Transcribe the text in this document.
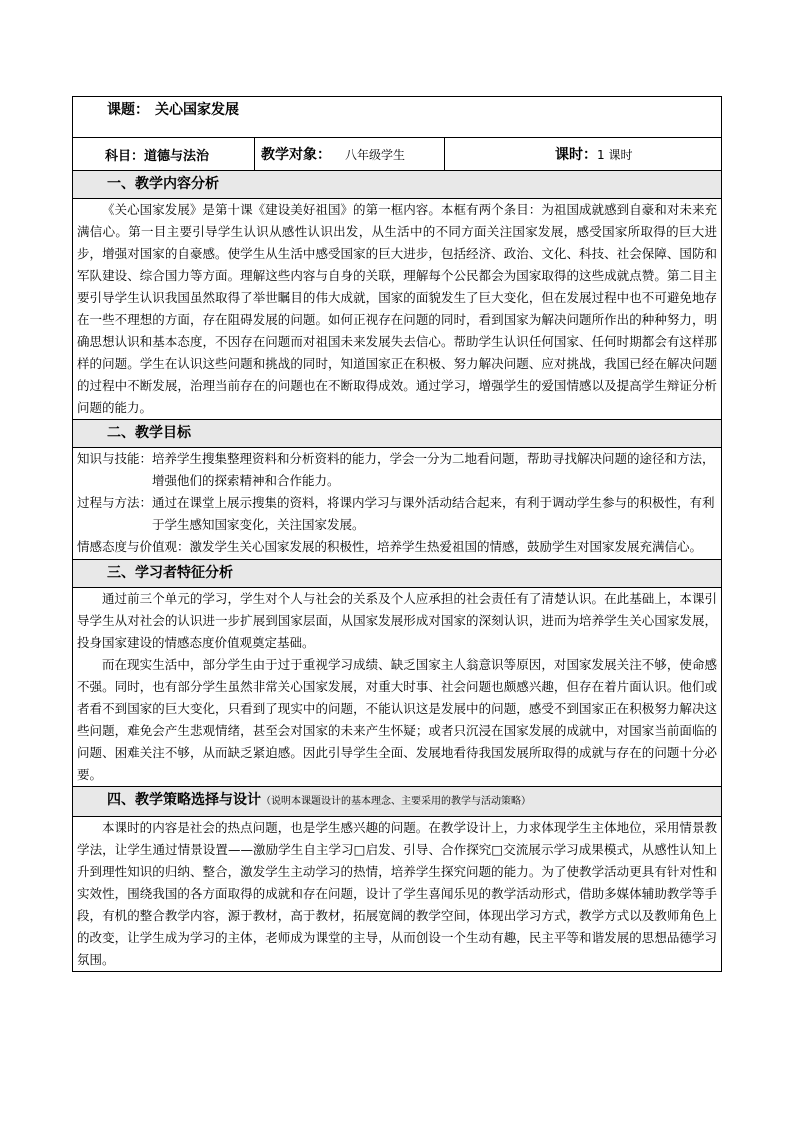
课题： 关心国家发展
科目：道德与法治	教学对象： 八年级学生	课时：1 课时
一、教学内容分析

《关心国家发展》是第十课《建设美好祖国》的第一框内容。本框有两个条目：为祖国成就感到自豪和对未来充满信心。第一目主要引导学生认识从感性认识出发，从生活中的不同方面关注国家发展，感受国家所取得的巨大进步，增强对国家的自豪感。使学生从生活中感受国家的巨大进步，包括经济、政治、文化、科技、社会保障、国防和军队建设、综合国力等方面。理解这些内容与自身的关联，理解每个公民都会为国家取得的这些成就点赞。第二目主要引导学生认识我国虽然取得了举世瞩目的伟大成就，国家的面貌发生了巨大变化，但在发展过程中也不可避免地存在一些不理想的方面，存在阻碍发展的问题。如何正视存在问题的同时，看到国家为解决问题所作出的种种努力，明确思想认识和基本态度，不因存在问题而对祖国未来发展失去信心。帮助学生认识任何国家、任何时期都会有这样那样的问题。学生在认识这些问题和挑战的同时，知道国家正在积极、努力解决问题、应对挑战，我国已经在解决问题的过程中不断发展，治理当前存在的问题也在不断取得成效。通过学习，增强学生的爱国情感以及提高学生辩证分析问题的能力。

二、教学目标

知识与技能： 培养学生搜集整理资料和分析资料的能力，学会一分为二地看问题，帮助寻找解决问题的途径和方法，增强他们的探索精神和合作能力。
过程与方法： 通过在课堂上展示搜集的资料，将课内学习与课外活动结合起来，有利于调动学生参与的积极性，有利于学生感知国家变化，关注国家发展。
情感态度与价值观： 激发学生关心国家发展的积极性，培养学生热爱祖国的情感，鼓励学生对国家发展充满信心。

三、学习者特征分析

通过前三个单元的学习，学生对个人与社会的关系及个人应承担的社会责任有了清楚认识。在此基础上，本课引导学生从对社会的认识进一步扩展到国家层面，从国家发展形成对国家的深刻认识，进而为培养学生关心国家发展，投身国家建设的情感态度价值观奠定基础。

而在现实生活中，部分学生由于过于重视学习成绩、缺乏国家主人翁意识等原因，对国家发展关注不够，使命感不强。同时，也有部分学生虽然非常关心国家发展，对重大时事、社会问题也颇感兴趣，但存在着片面认识。他们或者看不到国家的巨大变化，只看到了现实中的问题，不能认识这是发展中的问题，感受不到国家正在积极努力解决这些问题，难免会产生悲观情绪，甚至会对国家的未来产生怀疑；或者只沉浸在国家发展的成就中，对国家当前面临的问题、困难关注不够，从而缺乏紧迫感。因此引导学生全面、发展地看待我国发展所取得的成就与存在的问题十分必要。

四、教学策略选择与设计（说明本课题设计的基本理念、主要采用的教学与活动策略）

本课时的内容是社会的热点问题，也是学生感兴趣的问题。在教学设计上，力求体现学生主体地位，采用情景教学法，让学生通过情景设置——激励学生自主学习□启发、引导、合作探究□交流展示学习成果模式，从感性认知上升到理性知识的归纳、整合，激发学生主动学习的热情，培养学生探究问题的能力。为了使教学活动更具有针对性和实效性，围绕我国的各方面取得的成就和存在问题，设计了学生喜闻乐见的教学活动形式，借助多媒体辅助教学等手段，有机的整合教学内容，源于教材，高于教材，拓展宽阔的教学空间，体现出学习方式，教学方式以及教师角色上的改变，让学生成为学习的主体，老师成为课堂的主导，从而创设一个生动有趣，民主平等和谐发展的思想品德学习氛围。
